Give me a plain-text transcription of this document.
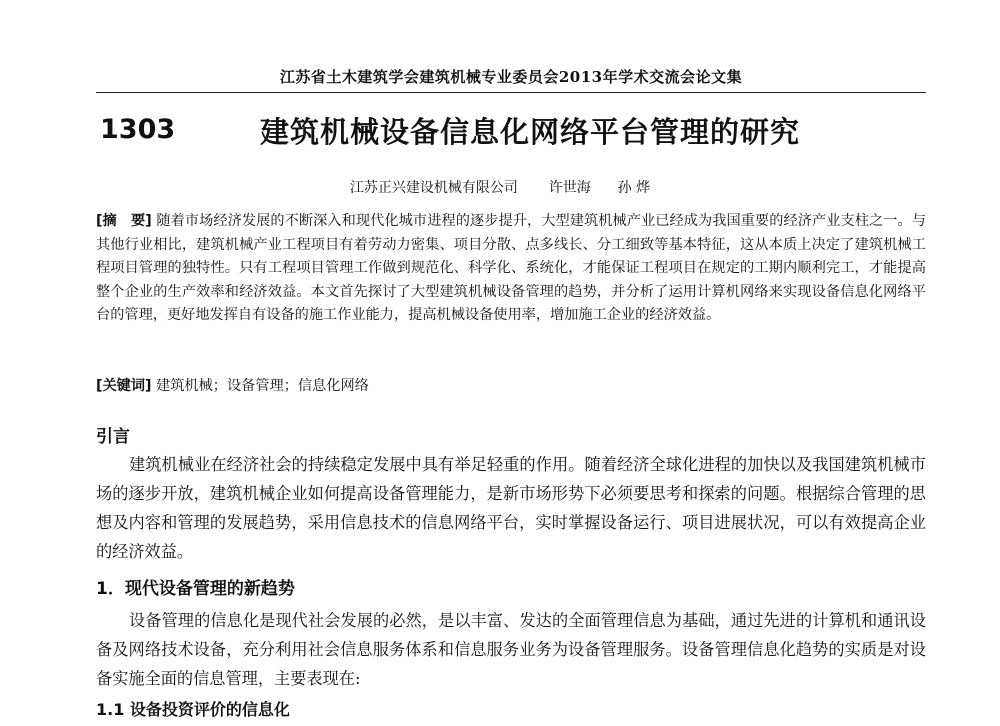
江苏省土木建筑学会建筑机械专业委员会2013年学术交流会论文集
1303	建筑机械设备信息化网络平台管理的研究
江苏正兴建设机械有限公司 许世海 孙 烨
[摘　要] 随着市场经济发展的不断深入和现代化城市进程的逐步提升，大型建筑机械产业已经成为我国重要的经济产业支柱之一。与其他行业相比，建筑机械产业工程项目有着劳动力密集、项目分散、点多线长、分工细致等基本特征，这从本质上决定了建筑机械工程项目管理的独特性。只有工程项目管理工作做到规范化、科学化、系统化，才能保证工程项目在规定的工期内顺利完工，才能提高整个企业的生产效率和经济效益。本文首先探讨了大型建筑机械设备管理的趋势，并分析了运用计算机网络来实现设备信息化网络平台的管理，更好地发挥自有设备的施工作业能力，提高机械设备使用率，增加施工企业的经济效益。
[关键词] 建筑机械；设备管理；信息化网络
引言
建筑机械业在经济社会的持续稳定发展中具有举足轻重的作用。随着经济全球化进程的加快以及我国建筑机械市场的逐步开放，建筑机械企业如何提高设备管理能力，是新市场形势下必须要思考和探索的问题。根据综合管理的思想及内容和管理的发展趋势，采用信息技术的信息网络平台，实时掌握设备运行、项目进展状况，可以有效提高企业的经济效益。
1．现代设备管理的新趋势
设备管理的信息化是现代社会发展的必然，是以丰富、发达的全面管理信息为基础，通过先进的计算机和通讯设备及网络技术设备，充分利用社会信息服务体系和信息服务业务为设备管理服务。设备管理信息化趋势的实质是对设备实施全面的信息管理，主要表现在:
1.1 设备投资评价的信息化
